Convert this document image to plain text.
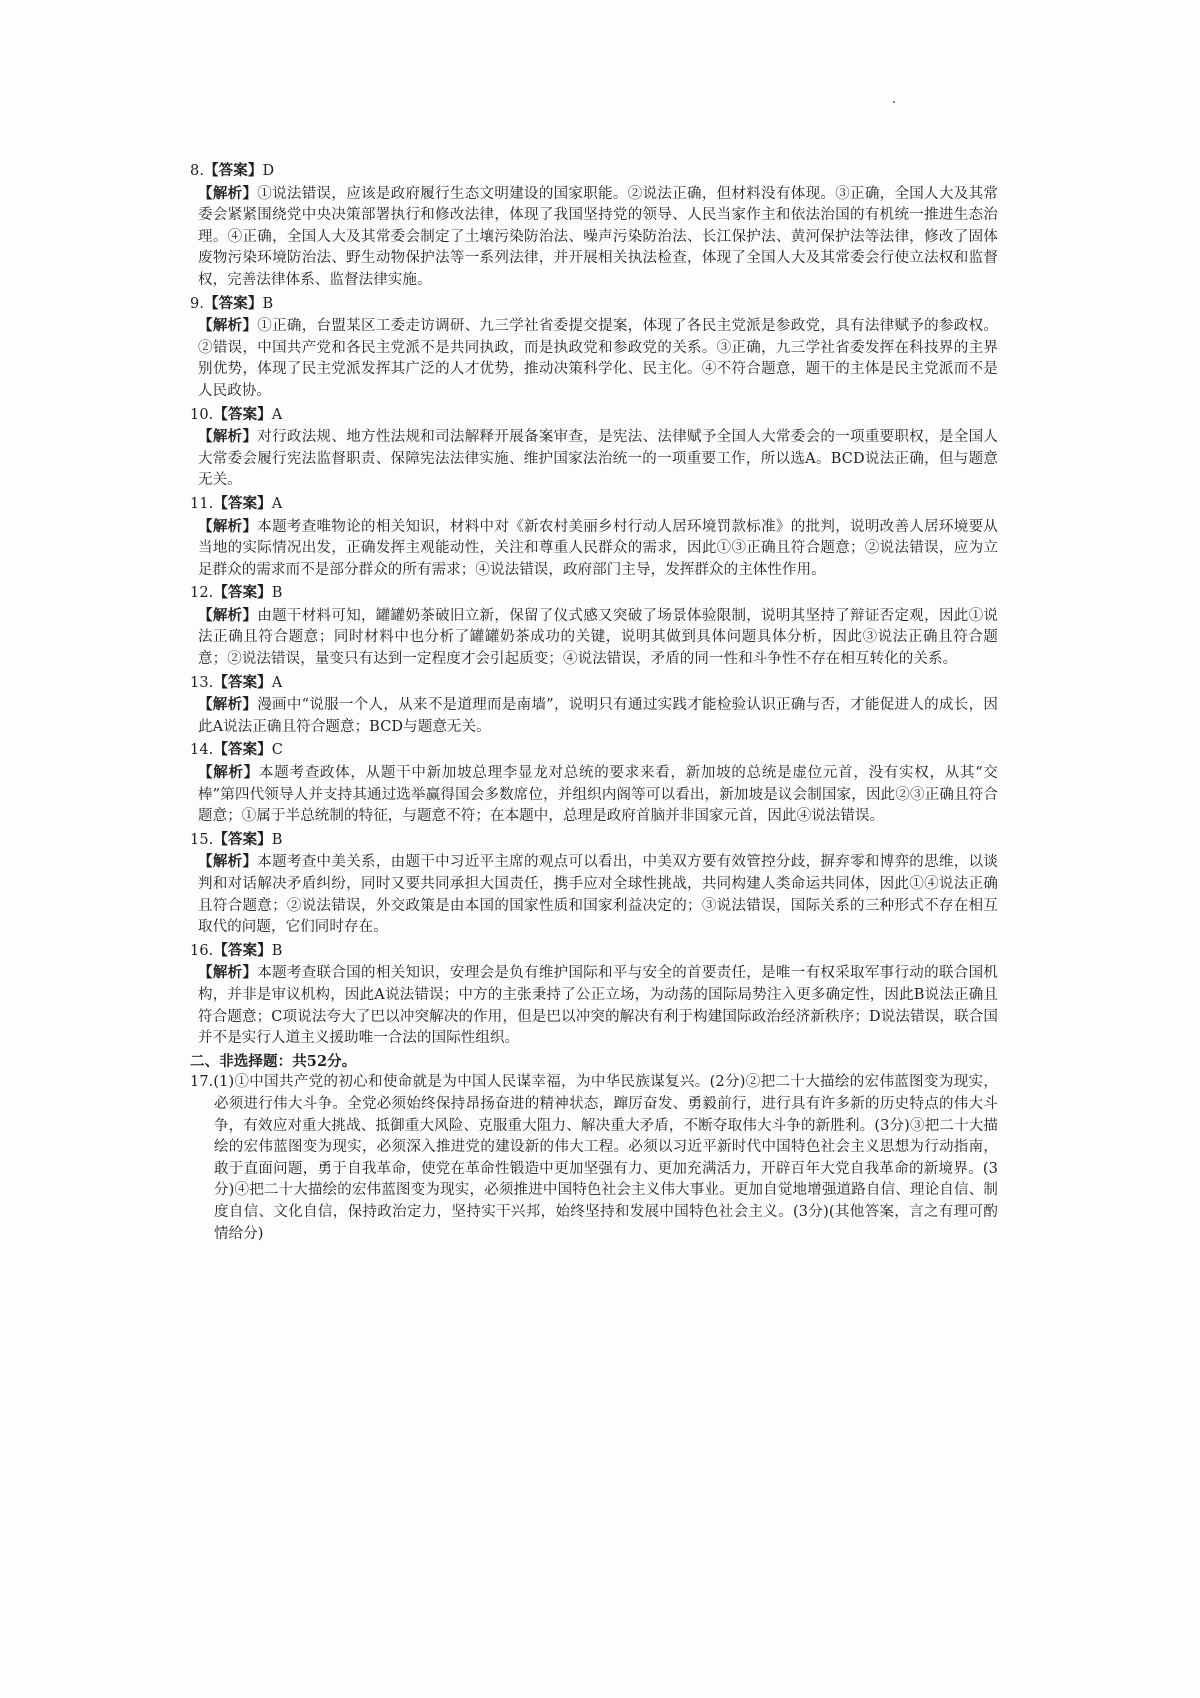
8.【答案】D

【解析】①说法错误，应该是政府履行生态文明建设的国家职能。②说法正确，但材料没有体现。③正确，全国人大及其常委会紧紧围绕党中央决策部署执行和修改法律，体现了我国坚持党的领导、人民当家作主和依法治国的有机统一推进生态治理。④正确，全国人大及其常委会制定了土壤污染防治法、噪声污染防治法、长江保护法、黄河保护法等法律，修改了固体废物污染环境防治法、野生动物保护法等一系列法律，并开展相关执法检查，体现了全国人大及其常委会行使立法权和监督权，完善法律体系、监督法律实施。

9.【答案】B

【解析】①正确，台盟某区工委走访调研、九三学社省委提交提案，体现了各民主党派是参政党，具有法律赋予的参政权。②错误，中国共产党和各民主党派不是共同执政，而是执政党和参政党的关系。③正确，九三学社省委发挥在科技界的主界别优势，体现了民主党派发挥其广泛的人才优势，推动决策科学化、民主化。④不符合题意，题干的主体是民主党派而不是人民政协。

10.【答案】A

【解析】对行政法规、地方性法规和司法解释开展备案审查，是宪法、法律赋予全国人大常委会的一项重要职权，是全国人大常委会履行宪法监督职责、保障宪法法律实施、维护国家法治统一的一项重要工作，所以选A。BCD说法正确，但与题意无关。

11.【答案】A

【解析】本题考查唯物论的相关知识，材料中对《新农村美丽乡村行动人居环境罚款标准》的批判，说明改善人居环境要从当地的实际情况出发，正确发挥主观能动性，关注和尊重人民群众的需求，因此①③正确且符合题意；②说法错误，应为立足群众的需求而不是部分群众的所有需求；④说法错误，政府部门主导，发挥群众的主体性作用。

12.【答案】B

【解析】由题干材料可知，罐罐奶茶破旧立新，保留了仪式感又突破了场景体验限制，说明其坚持了辩证否定观，因此①说法正确且符合题意；同时材料中也分析了罐罐奶茶成功的关键，说明其做到具体问题具体分析，因此③说法正确且符合题意；②说法错误，量变只有达到一定程度才会引起质变；④说法错误，矛盾的同一性和斗争性不存在相互转化的关系。

13.【答案】A

【解析】漫画中“说服一个人，从来不是道理而是南墙”，说明只有通过实践才能检验认识正确与否，才能促进人的成长，因此A说法正确且符合题意；BCD与题意无关。

14.【答案】C

【解析】本题考查政体，从题干中新加坡总理李显龙对总统的要求来看，新加坡的总统是虚位元首，没有实权，从其“交棒”第四代领导人并支持其通过选举赢得国会多数席位，并组织内阁等可以看出，新加坡是议会制国家，因此②③正确且符合题意；①属于半总统制的特征，与题意不符；在本题中，总理是政府首脑并非国家元首，因此④说法错误。

15.【答案】B

【解析】本题考查中美关系，由题干中习近平主席的观点可以看出，中美双方要有效管控分歧，摒弃零和博弈的思维，以谈判和对话解决矛盾纠纷，同时又要共同承担大国责任，携手应对全球性挑战，共同构建人类命运共同体，因此①④说法正确且符合题意；②说法错误，外交政策是由本国的国家性质和国家利益决定的；③说法错误，国际关系的三种形式不存在相互取代的问题，它们同时存在。

16.【答案】B

【解析】本题考查联合国的相关知识，安理会是负有维护国际和平与安全的首要责任，是唯一有权采取军事行动的联合国机构，并非是审议机构，因此A说法错误；中方的主张秉持了公正立场，为动荡的国际局势注入更多确定性，因此B说法正确且符合题意；C项说法夸大了巴以冲突解决的作用，但是巴以冲突的解决有利于构建国际政治经济新秩序；D说法错误，联合国并不是实行人道主义援助唯一合法的国际性组织。

二、非选择题：共52分。

17.(1)①中国共产党的初心和使命就是为中国人民谋幸福，为中华民族谋复兴。(2分)②把二十大描绘的宏伟蓝图变为现实，必须进行伟大斗争。全党必须始终保持昂扬奋进的精神状态，蹿厉奋发、勇毅前行，进行具有许多新的历史特点的伟大斗争，有效应对重大挑战、抵御重大风险、克服重大阻力、解决重大矛盾，不断夺取伟大斗争的新胜利。(3分)③把二十大描绘的宏伟蓝图变为现实，必须深入推进党的建设新的伟大工程。必须以习近平新时代中国特色社会主义思想为行动指南，敢于直面问题，勇于自我革命，使党在革命性锻造中更加坚强有力、更加充满活力，开辟百年大党自我革命的新境界。(3分)④把二十大描绘的宏伟蓝图变为现实，必须推进中国特色社会主义伟大事业。更加自觉地增强道路自信、理论自信、制度自信、文化自信，保持政治定力，坚持实干兴邦，始终坚持和发展中国特色社会主义。(3分)(其他答案，言之有理可酌情给分)
